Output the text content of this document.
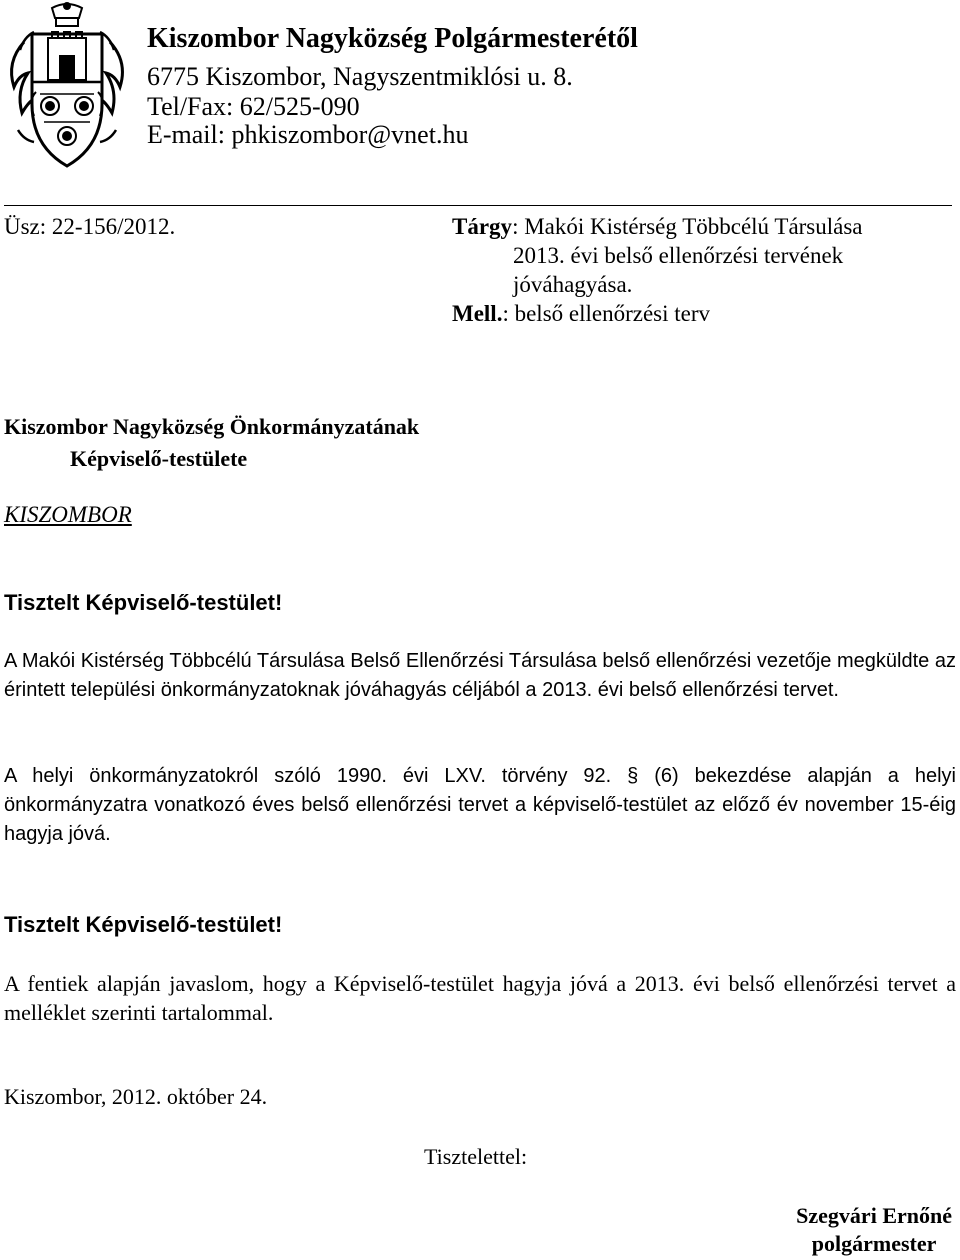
Kiszombor Nagyközség Polgármesterétől
6775 Kiszombor, Nagyszentmiklósi u. 8.
Tel/Fax: 62/525-090
E-mail: phkiszombor@vnet.hu
Üsz: 22-156/2012.	Tárgy: Makói Kistérség Többcélú Társulása
2013. évi belső ellenőrzési tervének
jóváhagyása.
Mell.: belső ellenőrzési terv
Kiszombor Nagyközség Önkormányzatának
Képviselő-testülete
KISZOMBOR
Tisztelt Képviselő-testület!
A Makói Kistérség Többcélú Társulása Belső Ellenőrzési Társulása belső ellenőrzési vezetője megküldte az érintett települési önkormányzatoknak jóváhagyás céljából a 2013. évi belső ellenőrzési tervet.
A helyi önkormányzatokról szóló 1990. évi LXV. törvény 92. § (6) bekezdése alapján a helyi önkormányzatra vonatkozó éves belső ellenőrzési tervet a képviselő-testület az előző év november 15-éig hagyja jóvá.
Tisztelt Képviselő-testület!
A fentiek alapján javaslom, hogy a Képviselő-testület hagyja jóvá a 2013. évi belső ellenőrzési tervet a melléklet szerinti tartalommal.
Kiszombor, 2012. október 24.
Tisztelettel:
Szegvári Ernőné
polgármester
